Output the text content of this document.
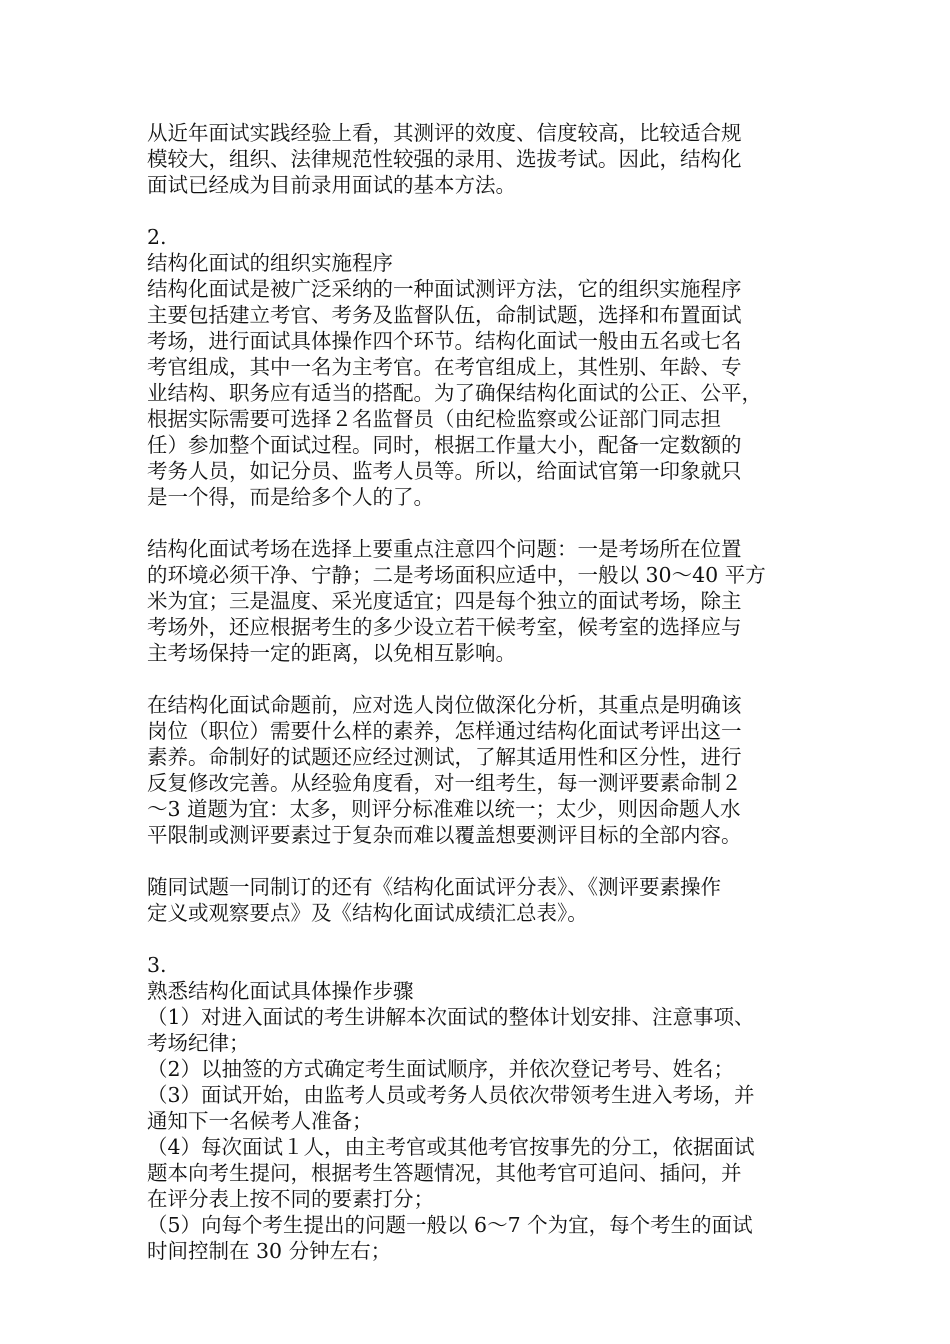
从近年面试实践经验上看，其测评的效度、信度较高，比较适合规
模较大，组织、法律规范性较强的录用、选拔考试。因此，结构化
面试已经成为目前录用面试的基本方法。
2.
结构化面试的组织实施程序
结构化面试是被广泛采纳的一种面试测评方法，它的组织实施程序
主要包括建立考官、考务及监督队伍，命制试题，选择和布置面试
考场，进行面试具体操作四个环节。结构化面试一般由五名或七名
考官组成，其中一名为主考官。在考官组成上，其性别、年龄、专
业结构、职务应有适当的搭配。为了确保结构化面试的公正、公平，
根据实际需要可选择２名监督员（由纪检监察或公证部门同志担
任）参加整个面试过程。同时，根据工作量大小，配备一定数额的
考务人员，如记分员、监考人员等。所以，给面试官第一印象就只
是一个得，而是给多个人的了。
结构化面试考场在选择上要重点注意四个问题：一是考场所在位置
的环境必须干净、宁静；二是考场面积应适中，一般以 30～40 平方
米为宜；三是温度、采光度适宜；四是每个独立的面试考场，除主
考场外，还应根据考生的多少设立若干候考室，候考室的选择应与
主考场保持一定的距离，以免相互影响。
在结构化面试命题前，应对选人岗位做深化分析，其重点是明确该
岗位（职位）需要什么样的素养，怎样通过结构化面试考评出这一
素养。命制好的试题还应经过测试，了解其适用性和区分性，进行
反复修改完善。从经验角度看，对一组考生，每一测评要素命制２
～3 道题为宜：太多，则评分标准难以统一；太少，则因命题人水
平限制或测评要素过于复杂而难以覆盖想要测评目标的全部内容。
随同试题一同制订的还有《结构化面试评分表》、《测评要素操作
定义或观察要点》及《结构化面试成绩汇总表》。
3.
熟悉结构化面试具体操作步骤
（1）对进入面试的考生讲解本次面试的整体计划安排、注意事项、
考场纪律；
（2）以抽签的方式确定考生面试顺序，并依次登记考号、姓名；
（3）面试开始，由监考人员或考务人员依次带领考生进入考场，并
通知下一名候考人准备；
（4）每次面试１人，由主考官或其他考官按事先的分工，依据面试
题本向考生提问，根据考生答题情况，其他考官可追问、插问，并
在评分表上按不同的要素打分；
（5）向每个考生提出的问题一般以 6～7 个为宜，每个考生的面试
时间控制在 30 分钟左右；
